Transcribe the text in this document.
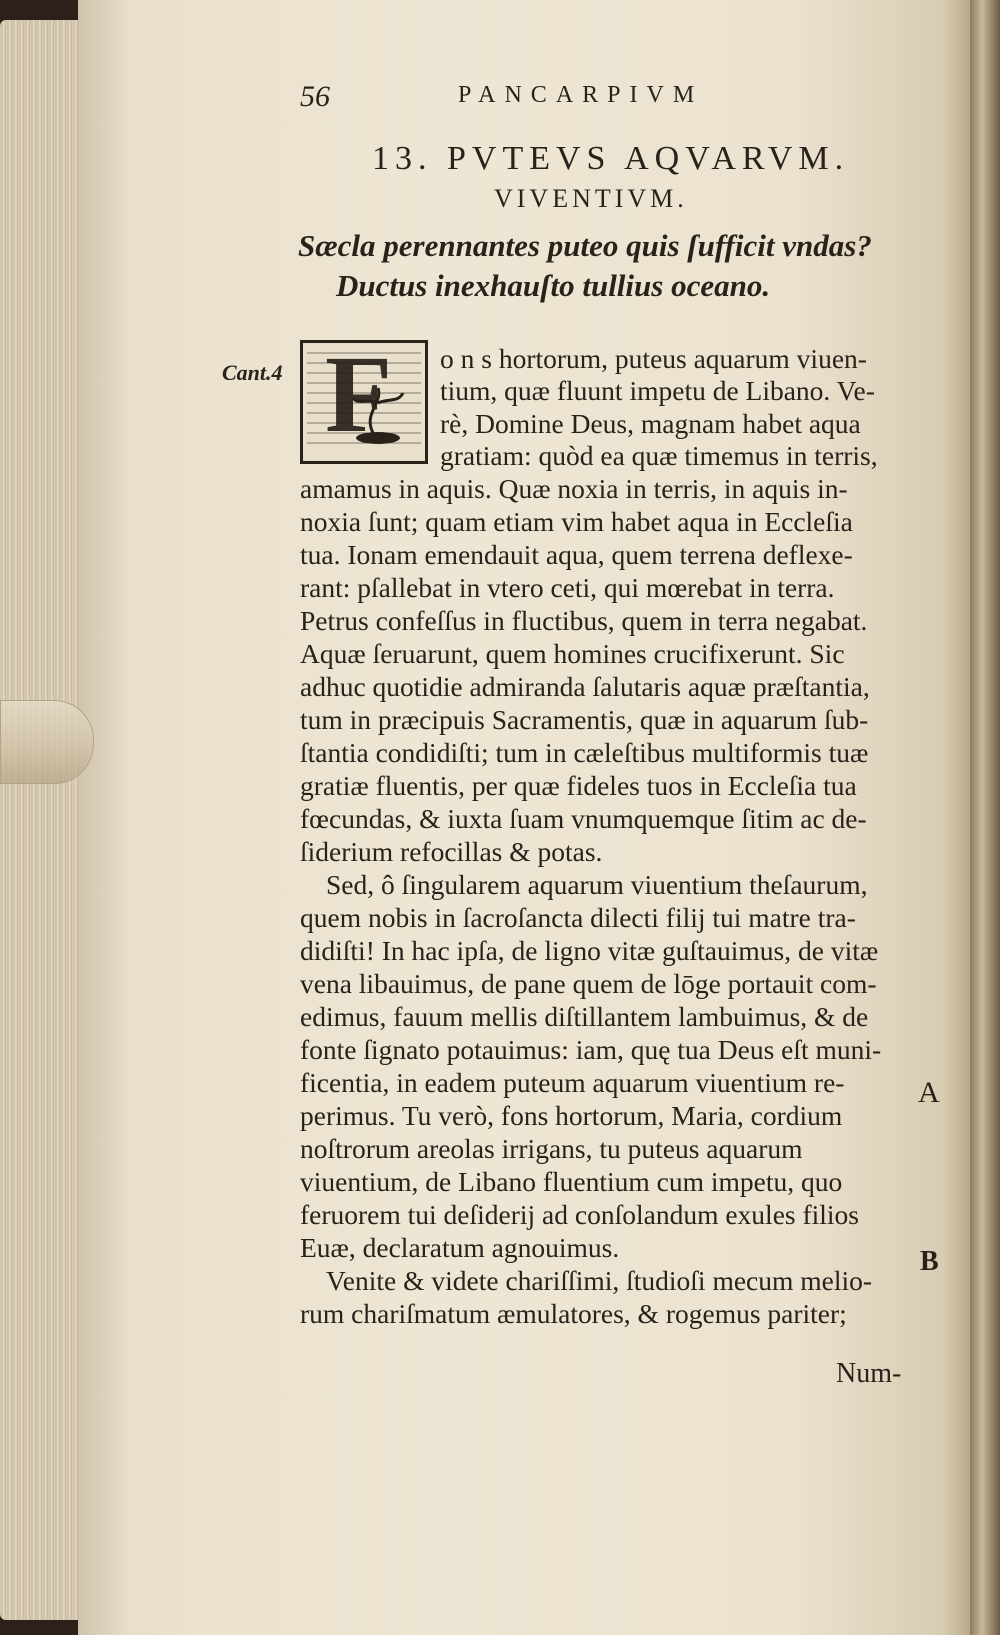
56	PANCARPIVM
13. PVTEVS AQVARVM.
VIVENTIVM.
Sæcla perennantes puteo quis ſufficit vndas?
Ductus inexhauſto tullius oceano.
Cant.4
A
B
F o n s hortorum, puteus aquarum viuen-
tium, quæ fluunt impetu de Libano. Ve-
rè, Domine Deus, magnam habet aqua
gratiam: quòd ea quæ timemus in terris,
amamus in aquis. Quæ noxia in terris, in aquis in-
noxia ſunt; quam etiam vim habet aqua in Eccleſia
tua. Ionam emendauit aqua, quem terrena deflexe-
rant: pſallebat in vtero ceti, qui mœrebat in terra.
Petrus confeſſus in fluctibus, quem in terra negabat.
Aquæ ſeruarunt, quem homines crucifixerunt. Sic
adhuc quotidie admiranda ſalutaris aquæ præſtantia,
tum in præcipuis Sacramentis, quæ in aquarum ſub-
ſtantia condidiſti; tum in cæleſtibus multiformis tuæ
gratiæ fluentis, per quæ fideles tuos in Eccleſia tua
fœcundas, & iuxta ſuam vnumquemque ſitim ac de-
ſiderium refocillas & potas.
Sed, ô ſingularem aquarum viuentium theſaurum,
quem nobis in ſacroſancta dilecti filij tui matre tra-
didiſti! In hac ipſa, de ligno vitæ guſtauimus, de vitæ
vena libauimus, de pane quem de lōge portauit com-
edimus, fauum mellis diſtillantem lambuimus, & de
fonte ſignato potauimus: iam, quę tua Deus eſt muni-
ficentia, in eadem puteum aquarum viuentium re-
perimus. Tu verò, fons hortorum, Maria, cordium
noſtrorum areolas irrigans, tu puteus aquarum
viuentium, de Libano fluentium cum impetu, quo
feruorem tui deſiderij ad conſolandum exules filios
Euæ, declaratum agnouimus.
Venite & videte chariſſimi, ſtudioſi mecum melio-
rum chariſmatum æmulatores, & rogemus pariter;
Num-
